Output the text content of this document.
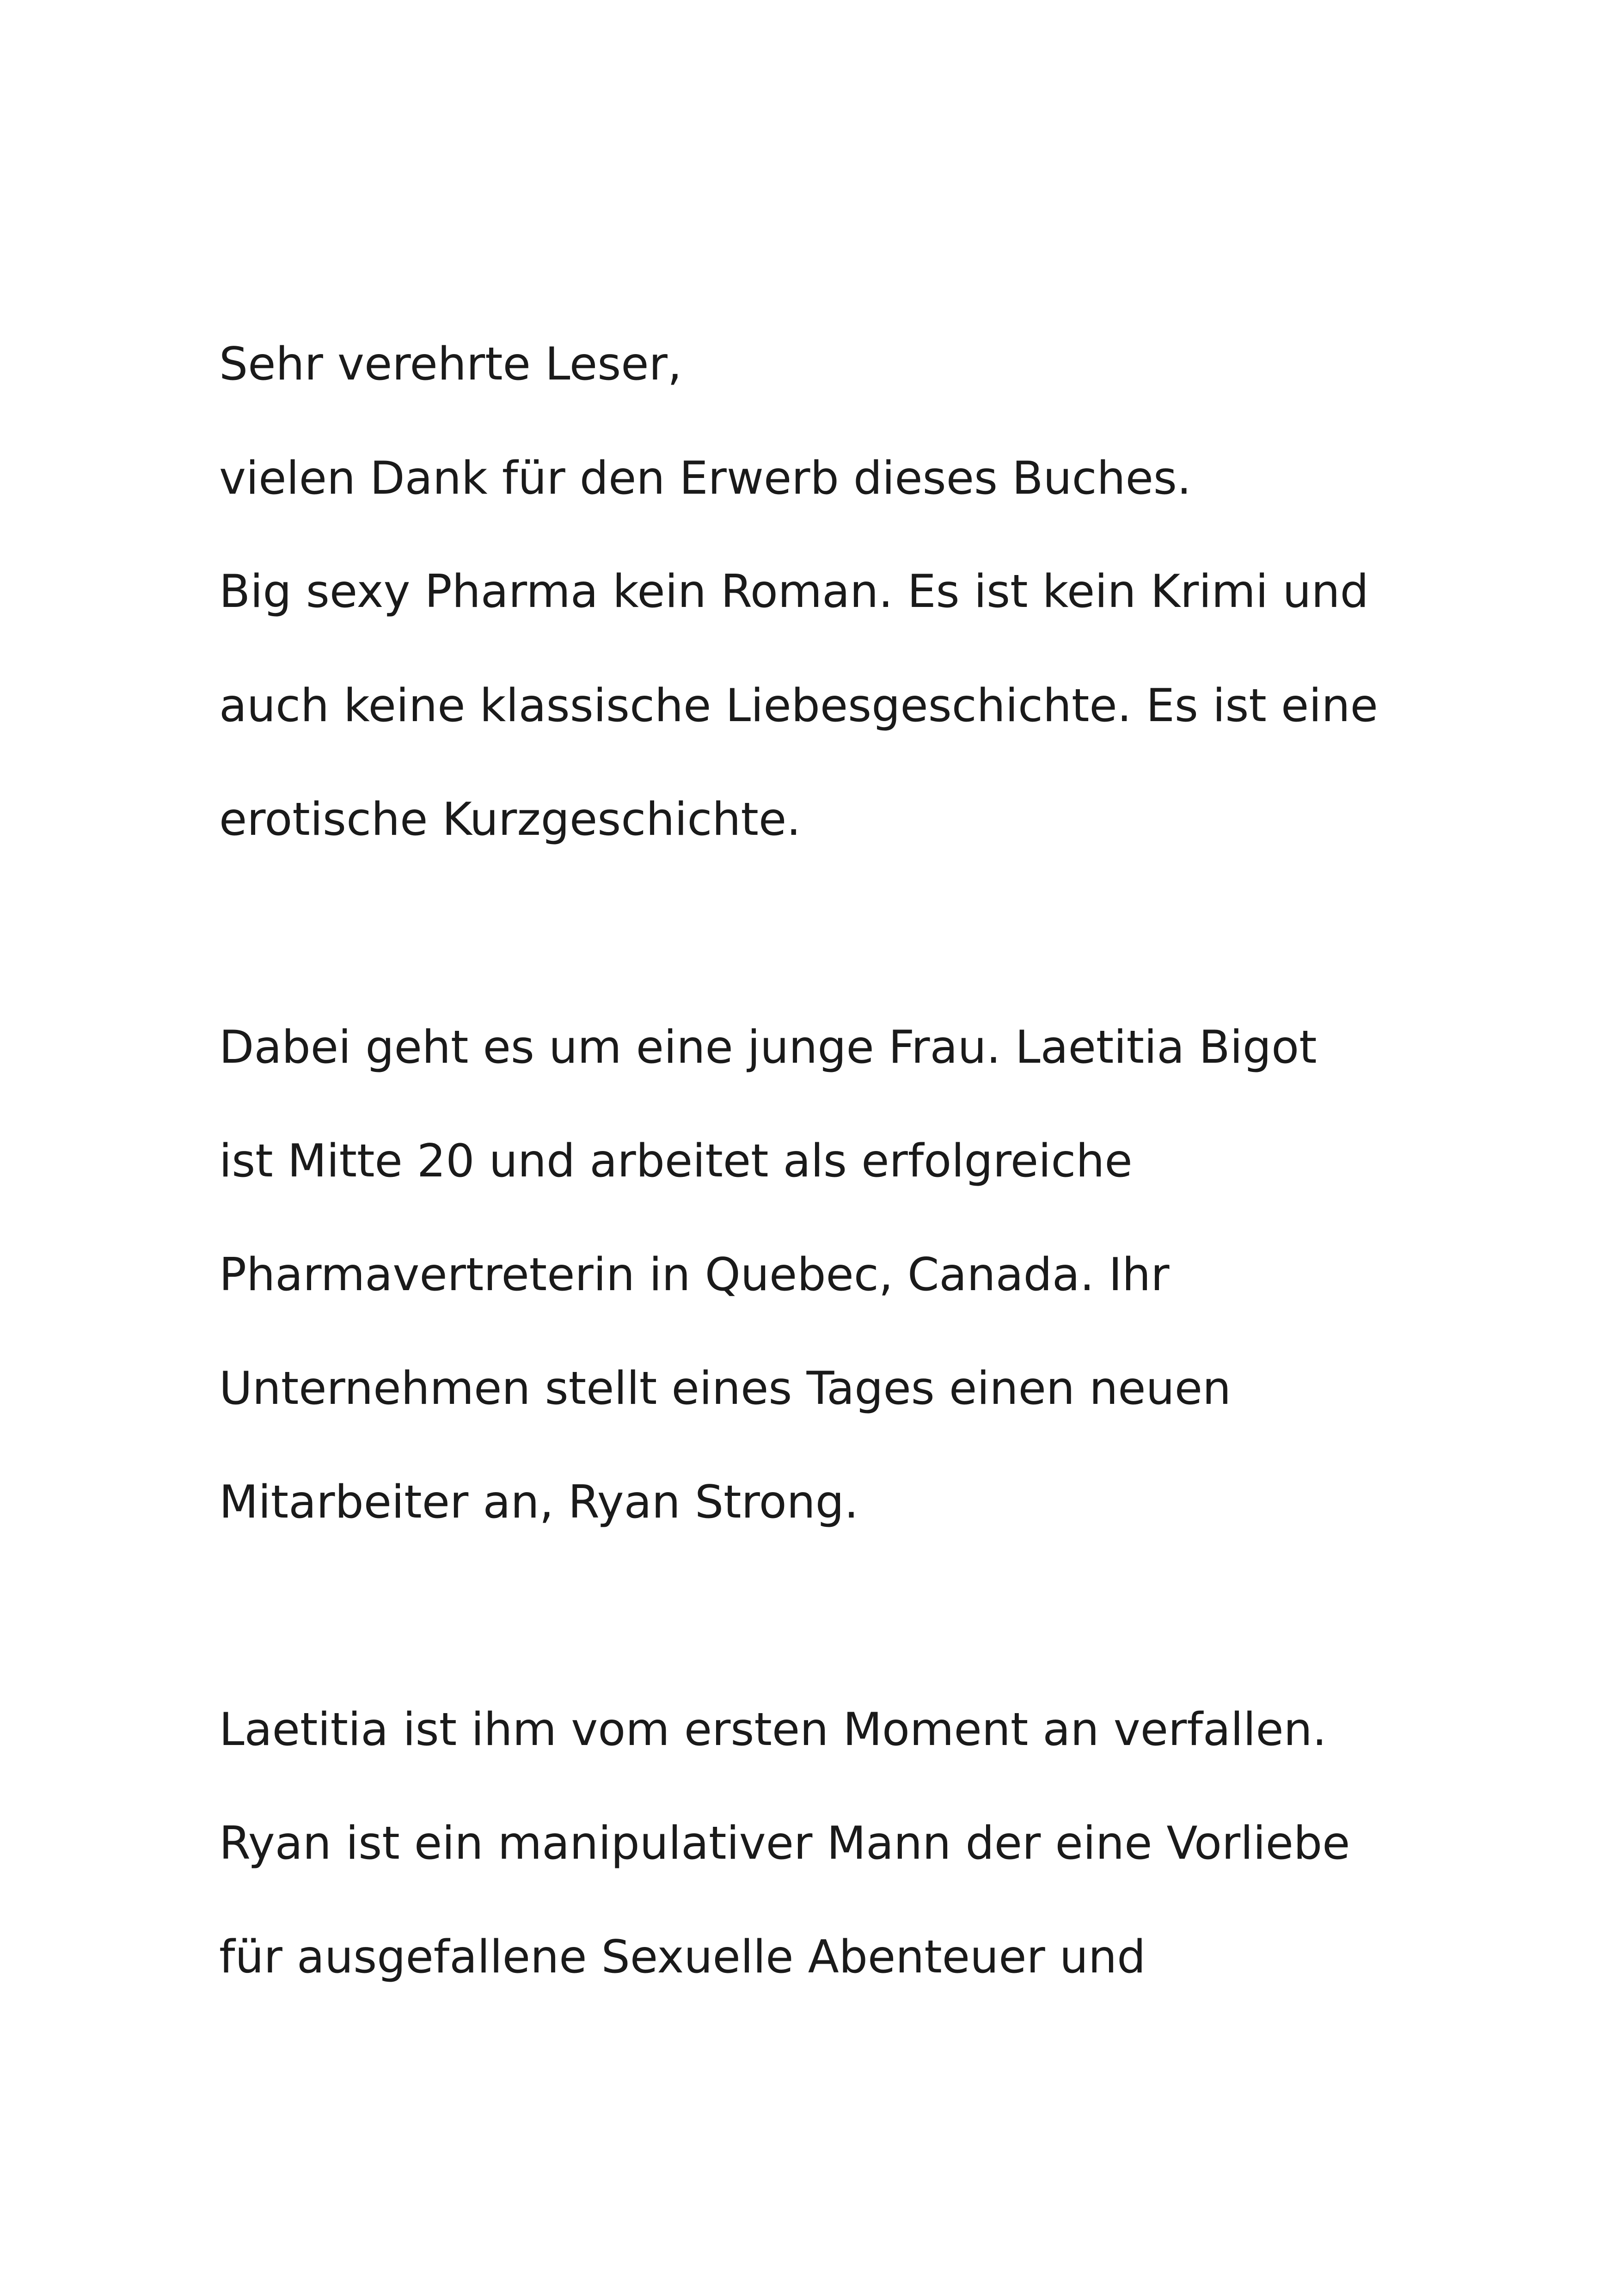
Sehr verehrte Leser,

vielen Dank für den Erwerb dieses Buches.

Big sexy Pharma kein Roman. Es ist kein Krimi und

auch keine klassische Liebesgeschichte. Es ist eine

erotische Kurzgeschichte.

Dabei geht es um eine junge Frau. Laetitia Bigot

ist Mitte 20 und arbeitet als erfolgreiche

Pharmavertreterin in Quebec, Canada. Ihr

Unternehmen stellt eines Tages einen neuen

Mitarbeiter an, Ryan Strong.

Laetitia ist ihm vom ersten Moment an verfallen.

Ryan ist ein manipulativer Mann der eine Vorliebe

für ausgefallene Sexuelle Abenteuer und
